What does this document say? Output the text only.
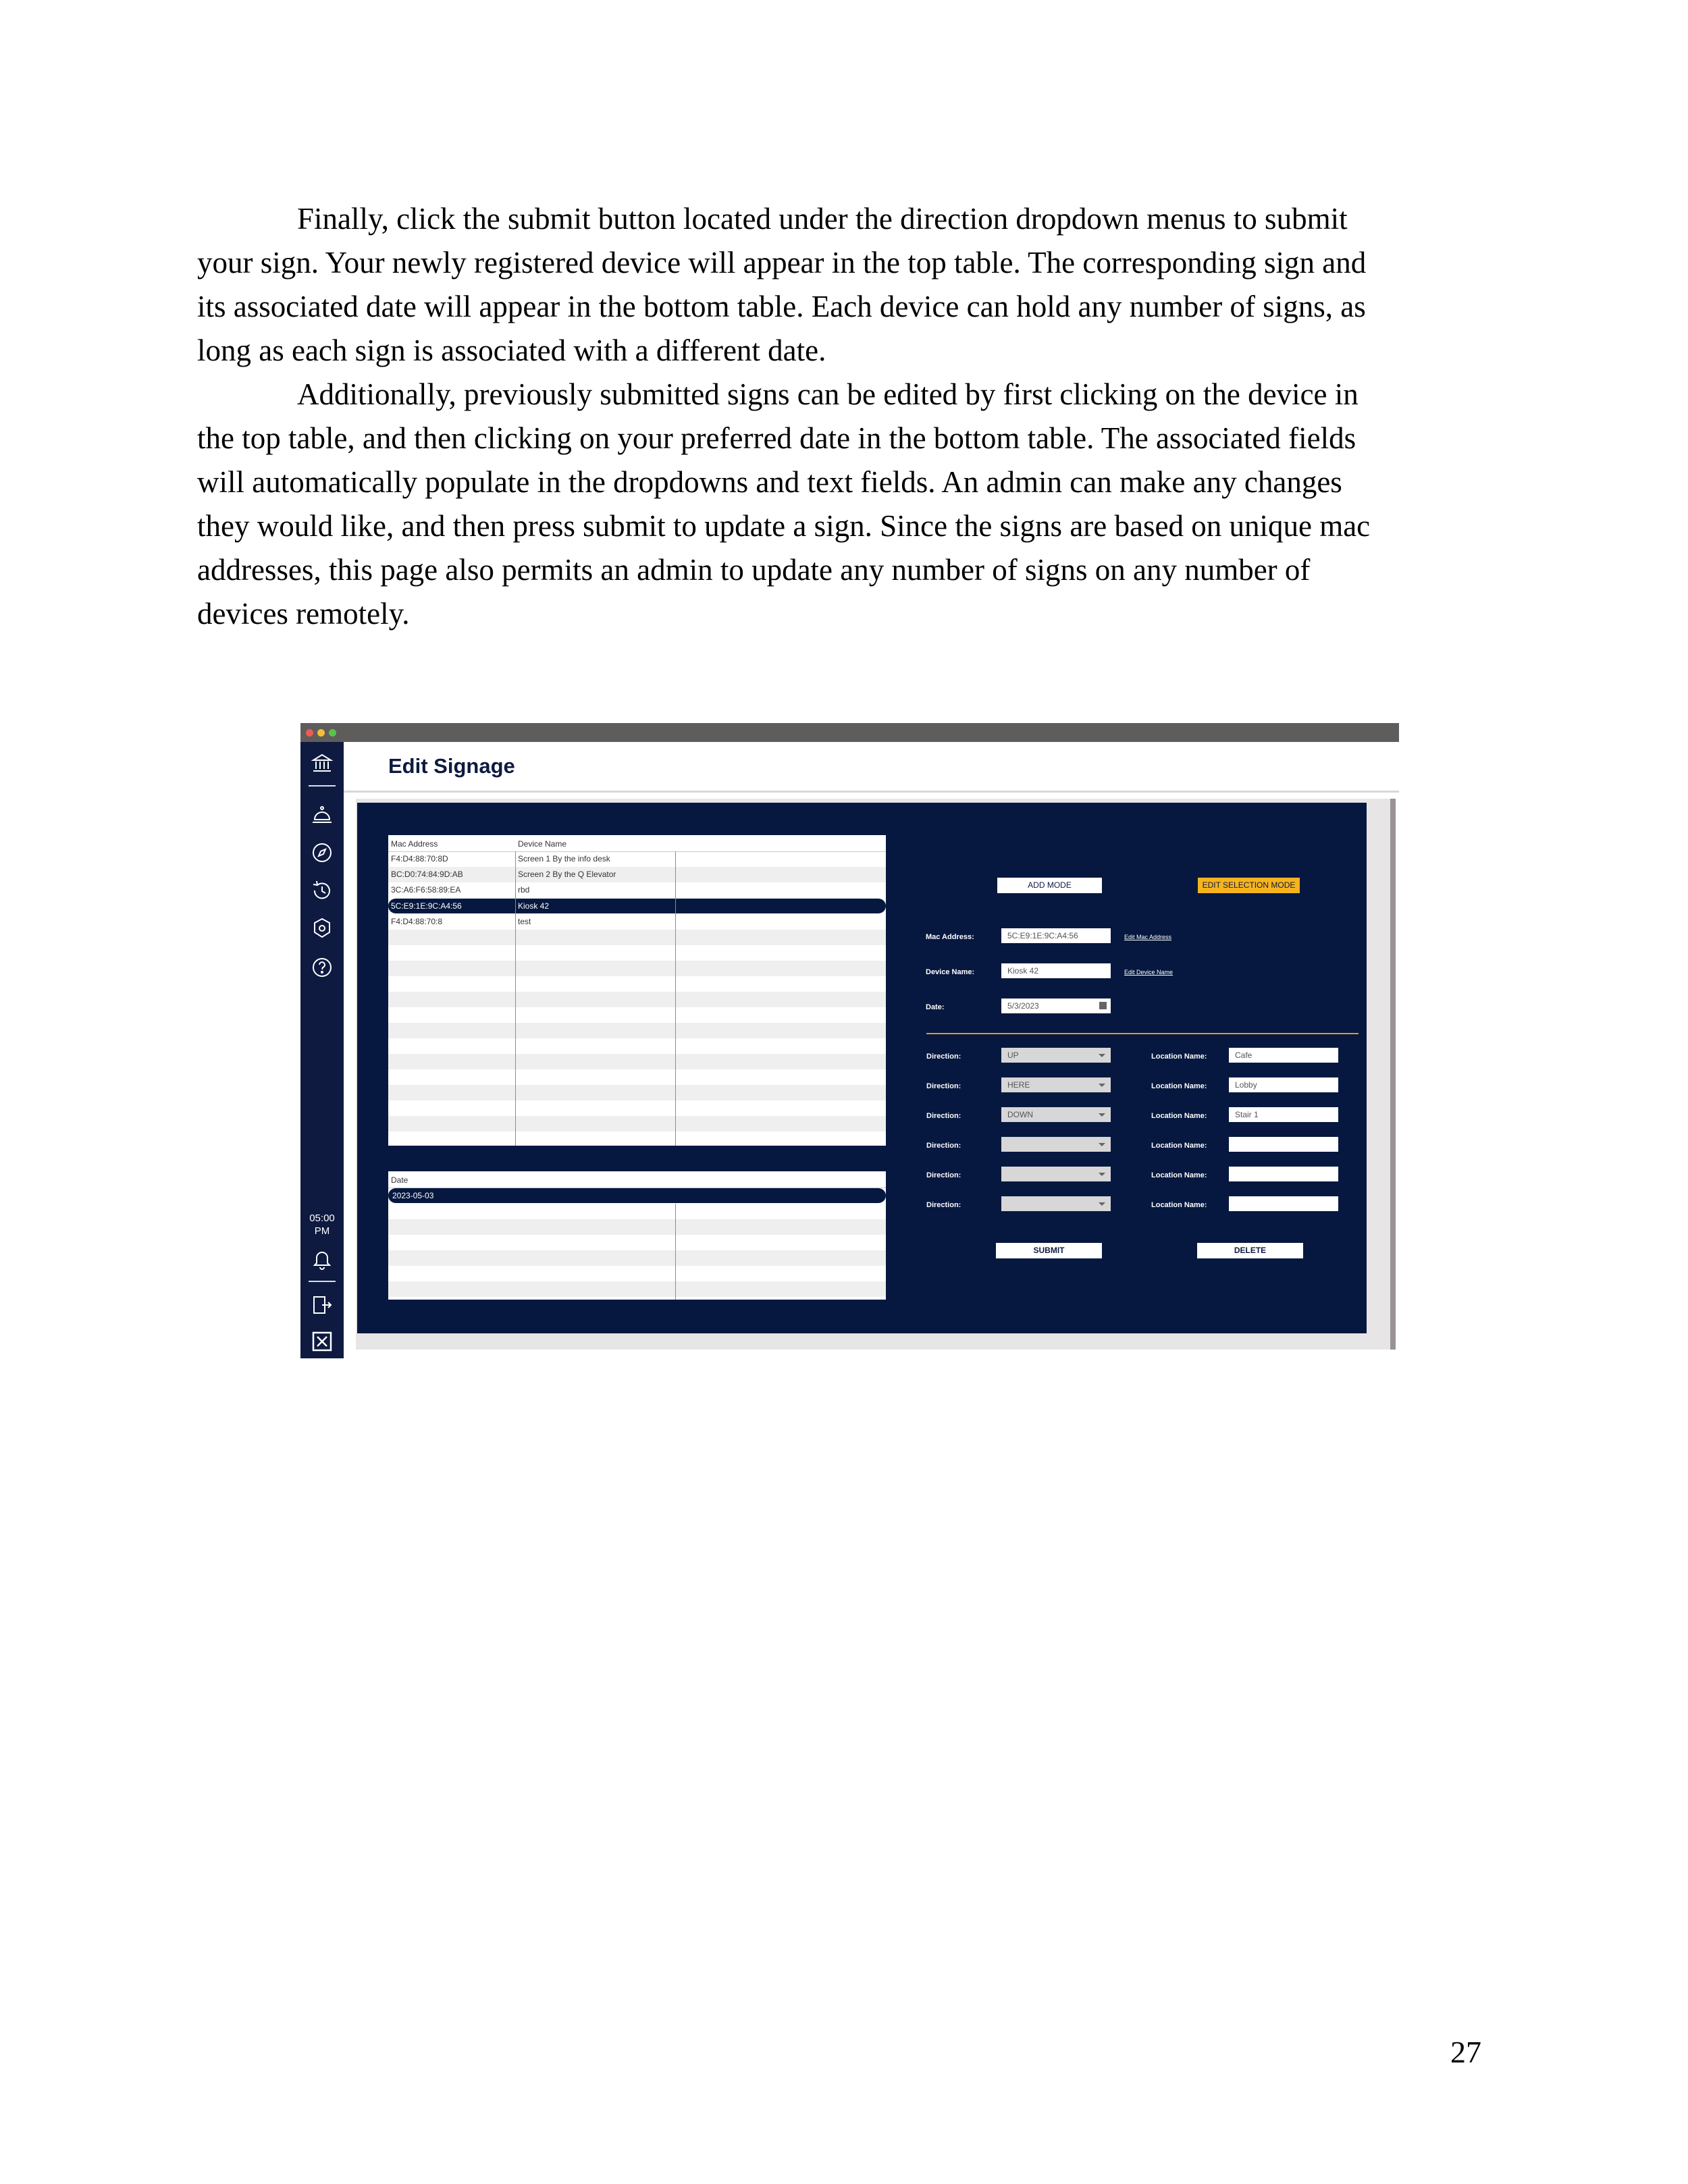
Finally, click the submit button located under the direction dropdown menus to submit
your sign. Your newly registered device will appear in the top table. The corresponding sign and
its associated date will appear in the bottom table. Each device can hold any number of signs, as
long as each sign is associated with a different date.
Additionally, previously submitted signs can be edited by first clicking on the device in
the top table, and then clicking on your preferred date in the bottom table. The associated fields
will automatically populate in the dropdowns and text fields. An admin can make any changes
they would like, and then press submit to update a sign. Since the signs are based on unique mac
addresses, this page also permits an admin to update any number of signs on any number of
devices remotely.
05:00
PM
Edit Signage
Mac Address	Device Name
F4:D4:88:70:8D	Screen 1 By the info desk
BC:D0:74:84:9D:AB	Screen 2 By the Q Elevator
3C:A6:F6:58:89:EA	rbd
5C:E9:1E:9C:A4:56	Kiosk 42
F4:D4:88:70:8	test
Date
2023-05-03
ADD MODE	EDIT SELECTION MODE
Mac Address:	5C:E9:1E:9C:A4:56	Edit Mac Address
Device Name:	Kiosk 42	Edit Device Name
Date:	5/3/2023
Direction:	UP	Location Name:	Cafe
Direction:	HERE	Location Name:	Lobby
Direction:	DOWN	Location Name:	Stair 1
Direction:	Location Name:
Direction:	Location Name:
Direction:	Location Name:
SUBMIT	DELETE
27
